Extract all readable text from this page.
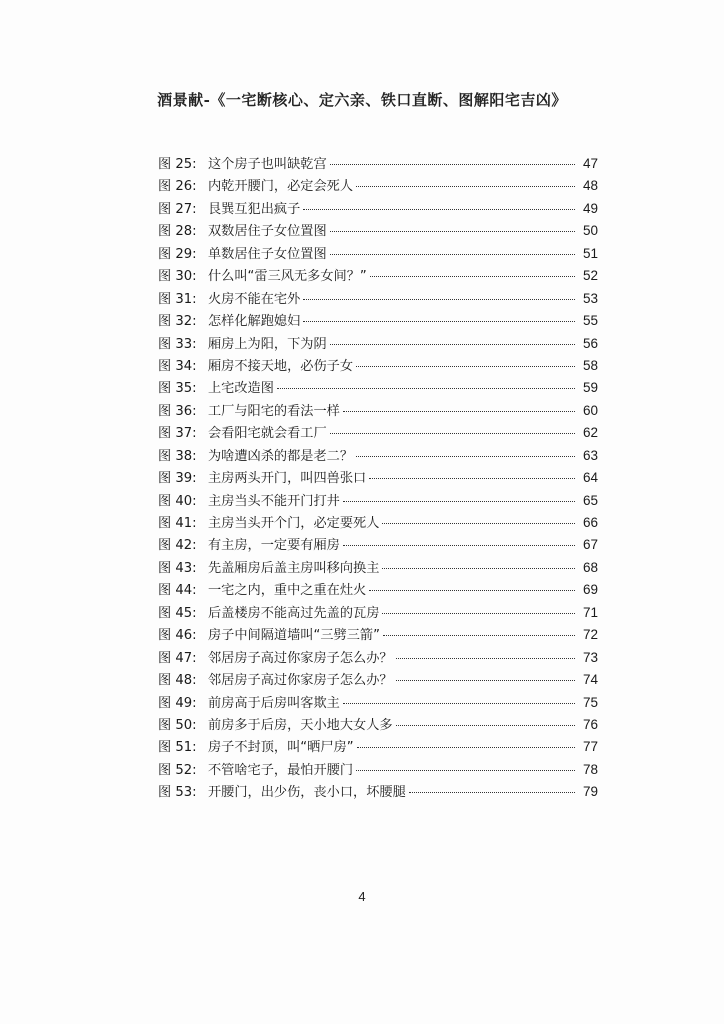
酒景献-《一宅断核心、定六亲、铁口直断、图解阳宅吉凶》
图 25: 这个房子也叫缺乾宫	47
图 26: 内乾开腰门，必定会死人	48
图 27: 艮巽互犯出疯子	49
图 28: 双数居住子女位置图	50
图 29: 单数居住子女位置图	51
图 30: 什么叫“雷三风无多女间？”	52
图 31: 火房不能在宅外	53
图 32: 怎样化解跑媳妇	55
图 33: 厢房上为阳，下为阴	56
图 34: 厢房不接天地，必伤子女	58
图 35: 上宅改造图	59
图 36: 工厂与阳宅的看法一样	60
图 37: 会看阳宅就会看工厂	62
图 38: 为啥遭凶杀的都是老二？	63
图 39: 主房两头开门，叫四兽张口	64
图 40: 主房当头不能开门打井	65
图 41: 主房当头开个门，必定要死人	66
图 42: 有主房，一定要有厢房	67
图 43: 先盖厢房后盖主房叫移向换主	68
图 44: 一宅之内，重中之重在灶火	69
图 45: 后盖楼房不能高过先盖的瓦房	71
图 46: 房子中间隔道墙叫“三劈三箭”	72
图 47: 邻居房子高过你家房子怎么办？	73
图 48: 邻居房子高过你家房子怎么办？	74
图 49: 前房高于后房叫客欺主	75
图 50: 前房多于后房，天小地大女人多	76
图 51: 房子不封顶，叫“晒尸房”	77
图 52: 不管啥宅子，最怕开腰门	78
图 53: 开腰门，出少伤，丧小口，坏腰腿	79
4
